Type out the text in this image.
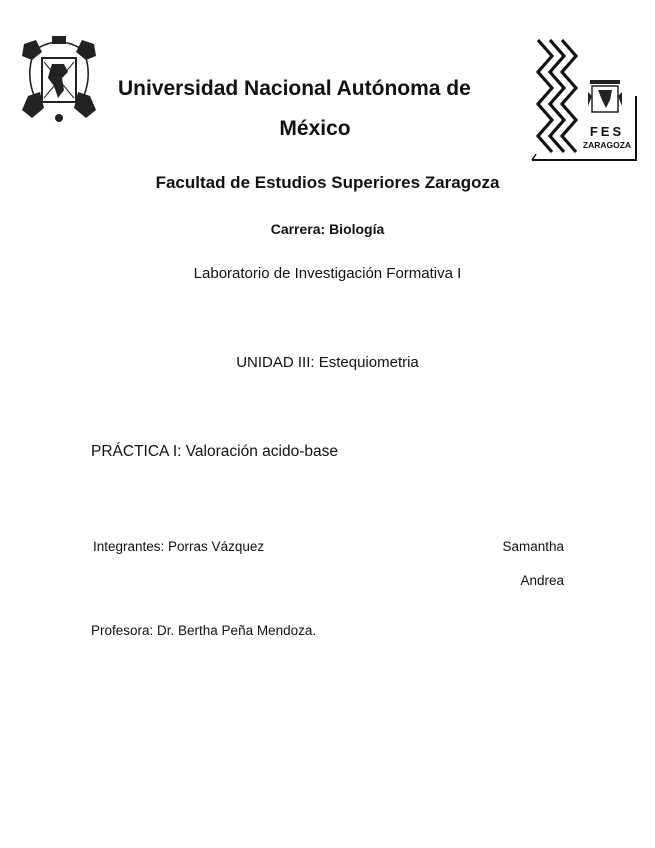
FES
ZARAGOZA
Universidad Nacional Autónoma de
México
Facultad de Estudios Superiores Zaragoza
Carrera: Biología
Laboratorio de Investigación Formativa I
UNIDAD III: Estequiometria
PRÁCTICA I: Valoración acido-base
Integrantes: Porras Vázquez	Samantha
Andrea
Profesora: Dr. Bertha Peña Mendoza.
